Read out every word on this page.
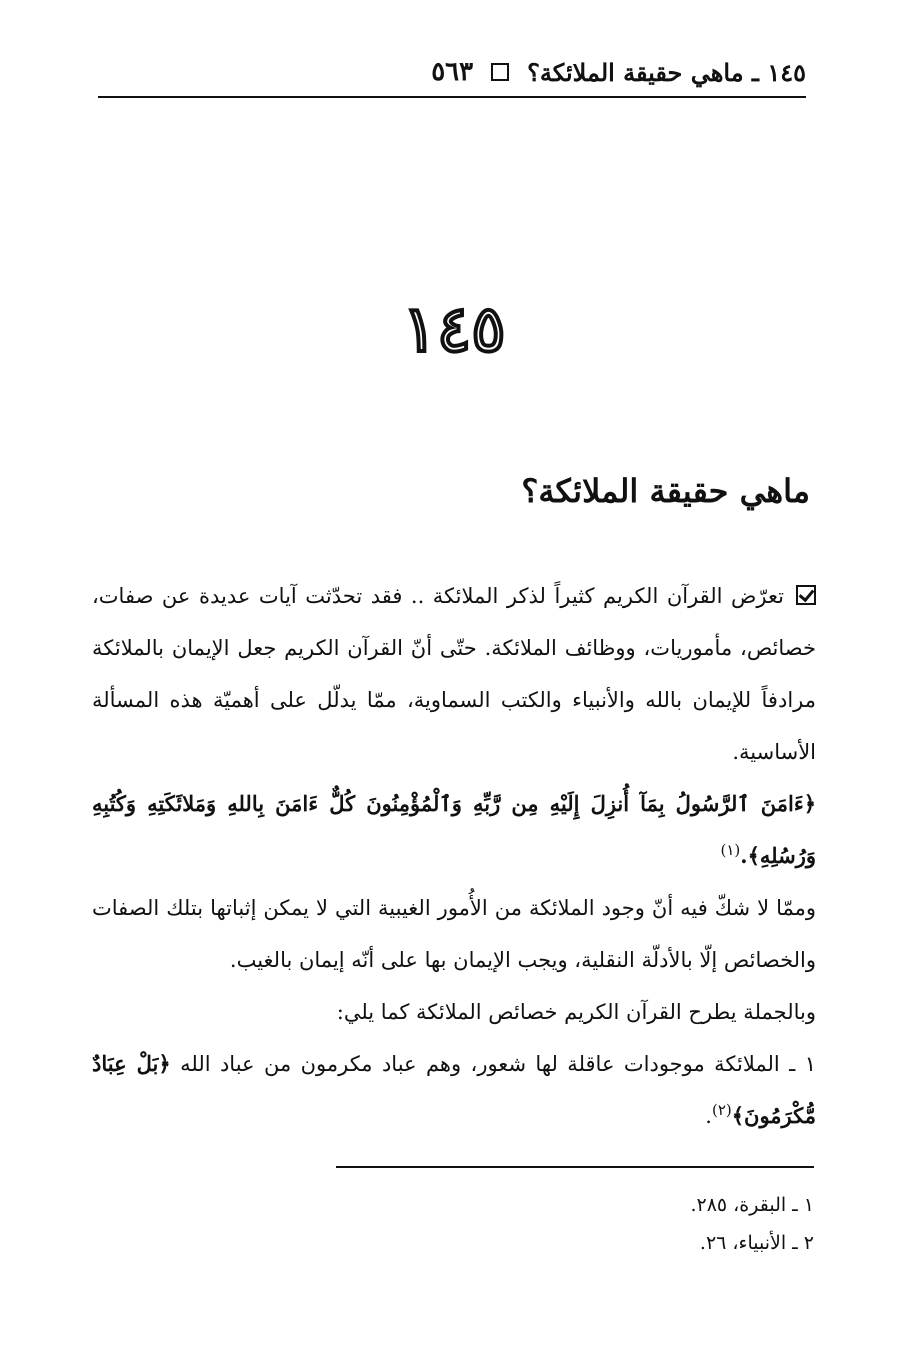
١٤٥ ـ ماهي حقيقة الملائكة؟
٥٦٣
١٤٥
ماهي حقيقة الملائكة؟

تعرّض القرآن الكريم كثيراً لذكر الملائكة .. فقد تحدّثت آيات عديدة عن صفات، خصائص، مأموريات، ووظائف الملائكة. حتّى أنّ القرآن الكريم جعل الإيمان بالملائكة مرادفاً للإيمان بالله والأنبياء والكتب السماوية، ممّا يدلّل على أهميّة هذه المسألة الأساسية.

﴿ءَامَنَ ٱلرَّسُولُ بِمَآ أُنزِلَ إِلَيْهِ مِن رَّبِّهِ وَٱلْمُؤْمِنُونَ كُلٌّ ءَامَنَ بِاللهِ وَمَلائَكَتِهِ وَكُتُبِهِ وَرُسُلِهِ﴾.$^{(١)}$

وممّا لا شكّ فيه أنّ وجود الملائكة من الأُمور الغيبية التي لا يمكن إثباتها بتلك الصفات والخصائص إلّا بالأدلّة النقلية، ويجب الإيمان بها على أنّه إيمان بالغيب.

وبالجملة يطرح القرآن الكريم خصائص الملائكة كما يلي:

١ ـ الملائكة موجودات عاقلة لها شعور، وهم عباد مكرمون من عباد الله ﴿بَلْ عِبَادٌ مُّكْرَمُونَ﴾$^{(٢)}$.

١ ـ البقرة، ٢٨٥.
٢ ـ الأنبياء، ٢٦.
